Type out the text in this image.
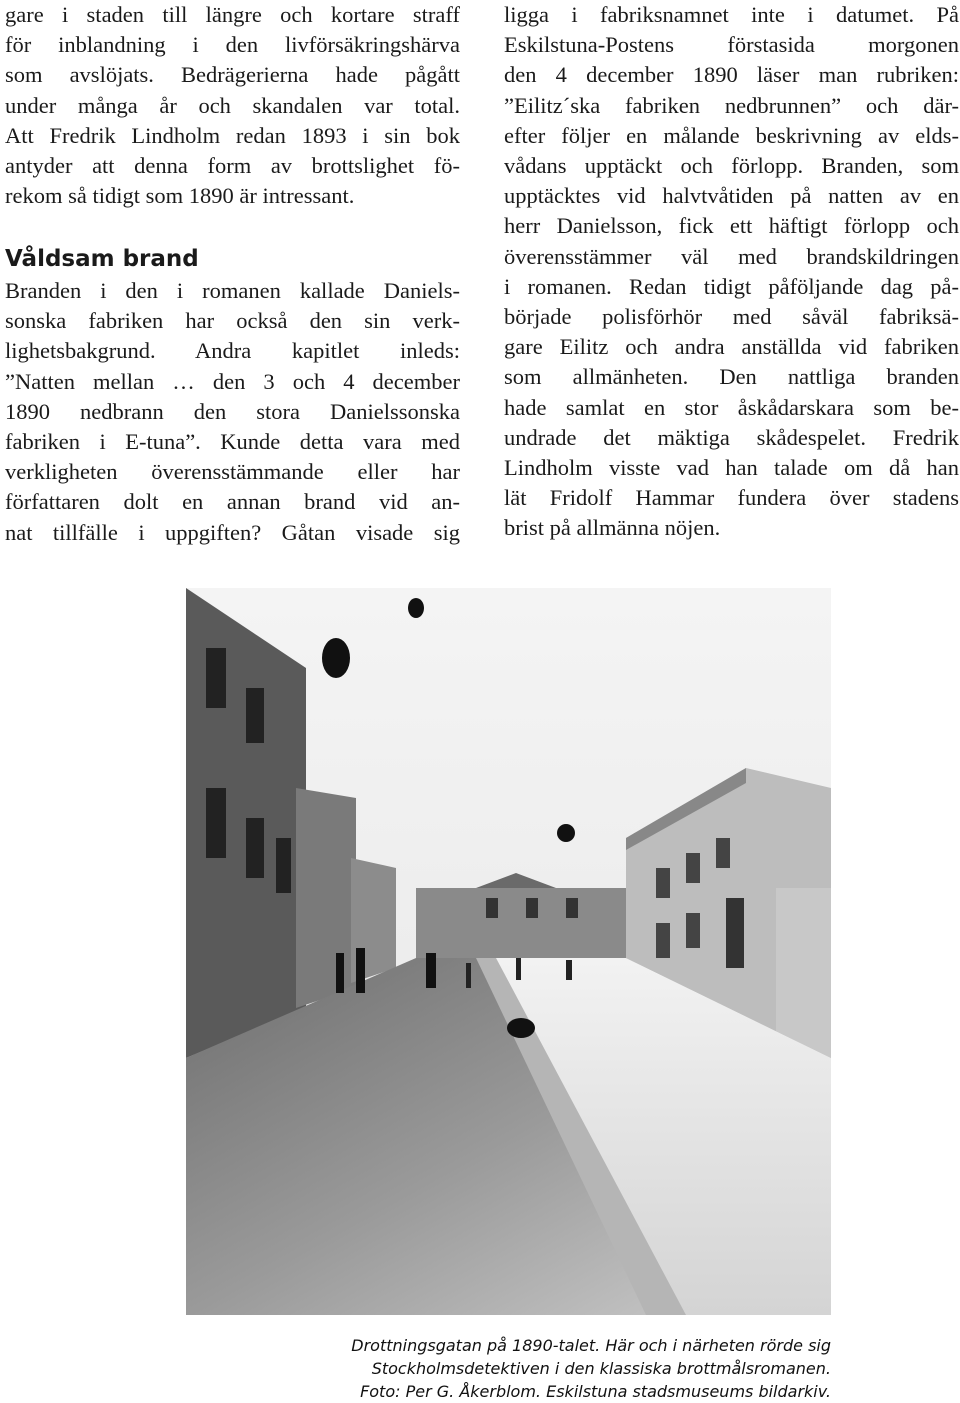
gare i staden till längre och kortare straff
för inblandning i den livförsäkringshärva
som avslöjats. Bedrägerierna hade pågått
under många år och skandalen var total.
Att Fredrik Lindholm redan 1893 i sin bok
antyder att denna form av brottslighet fö-
rekom så tidigt som 1890 är intressant.
Våldsam brand
Branden i den i romanen kallade Daniels-
sonska fabriken har också den sin verk-
lighetsbakgrund. Andra kapitlet inleds:
”Natten mellan … den 3 och 4 december
1890 nedbrann den stora Danielssonska
fabriken i E-tuna”. Kunde detta vara med
verkligheten överensstämmande eller har
författaren dolt en annan brand vid an-
nat tillfälle i uppgiften? Gåtan visade sig
ligga i fabriksnamnet inte i datumet. På
Eskilstuna-Postens förstasida morgonen
den 4 december 1890 läser man rubriken:
”Eilitz´ska fabriken nedbrunnen” och där-
efter följer en målande beskrivning av elds-
vådans upptäckt och förlopp. Branden, som
upptäcktes vid halvtvåtiden på natten av en
herr Danielsson, fick ett häftigt förlopp och
överensstämmer väl med brandskildringen
i romanen. Redan tidigt påföljande dag på-
började polisförhör med såväl fabriksä-
gare Eilitz och andra anställda vid fabriken
som allmänheten. Den nattliga branden
hade samlat en stor åskådarskara som be-
undrade det mäktiga skådespelet. Fredrik
Lindholm visste vad han talade om då han
lät Fridolf Hammar fundera över stadens
brist på allmänna nöjen.
Drottningsgatan på 1890-talet. Här och i närheten rörde sig
Stockholmsdetektiven i den klassiska brottmålsromanen.
Foto: Per G. Åkerblom. Eskilstuna stadsmuseums bildarkiv.
